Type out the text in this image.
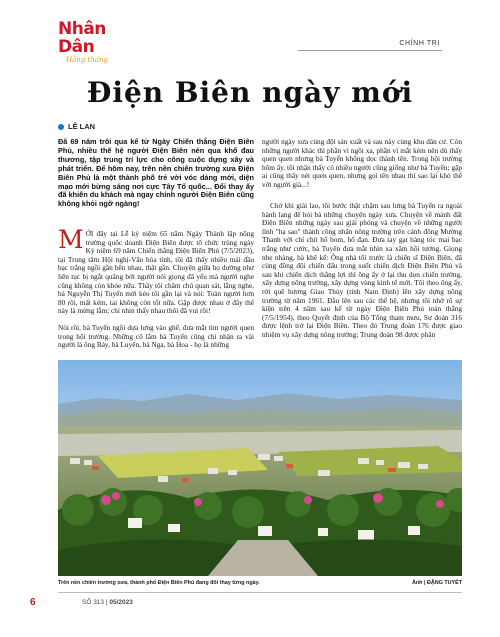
Nhân Dân
Hằng tháng
CHÍNH TRỊ
Điện Biên ngày mới
LÊ LAN

Đã 69 năm trôi qua kể từ Ngày Chiến thắng Điện Biên Phủ, nhiều thế hệ người Điện Biên nén qua khổ đau thương, tập trung trí lực cho công cuộc dựng xây và phát triển. Để hôm nay, trên nền chiến trường xưa Điện Biên Phủ là một thành phố trẻ với vóc dáng mới, diện mạo mới bừng sáng nơi cực Tây Tổ quốc... Đổi thay ấy đã khiến du khách mà ngay chính người Điện Biên cũng không khỏi ngỡ ngàng!

MỚI đây tại Lễ kỷ niệm 65 năm Ngày Thành lập nông trường quốc doanh Điện Biên được tổ chức trùng ngày Kỷ niệm 69 năm Chiến thắng Điện Biên Phủ (7/5/2023), tại Trung tâm Hội nghị-Văn hóa tỉnh, tôi đã thấy nhiều mái đầu bạc trắng ngồi gần bên nhau, thật gần. Chuyện giữa họ dường như liên tục bị ngắt quãng bởi người nói giọng đã yếu mà người nghe cũng không còn khỏe nữa. Thầy tôi chăm chú quan sát, lắng nghe, bà Nguyễn Thị Tuyến mới kéo tôi gần lại và nói: Toàn người hơn 80 rồi, mất kém, tai không còn tốt nữa. Gặp được nhau ở đây thế này là mừng lắm; chỉ nhìn thấy nhau thôi đã vui rồi!

Nói rồi, bà Tuyến ngồi dựa lưng vào ghế, đưa mắt tìm người quen trong hội trường. Những cô lắm bà Tuyến cũng chỉ nhận ra vài người là ông Bảy, bà Luyến, bà Nga, bà Hoa - họ là những

người ngày xưa cùng đội sản xuất và sau này cùng khu dân cư. Còn những người khác thì phần vì ngồi xa, phần vì mắt kém nên dù thấy quen quen nhưng bà Tuyến không dọc thành tên. Trong hội trường hôm ấy, tôi nhận thấy có nhiều người cũng giống như bà Tuyến; gặp ai cũng thấy nét quen quen, nhưng gọi tên nhau thì sao lại khó thế với người già...!

Chờ khi giải lao, tôi bước thật chậm sau lưng bà Tuyến ra ngoài hành lang để hỏi bà những chuyện ngày xưa. Chuyện về mảnh đất Điện Biên những ngày sau giải phóng và chuyện về những người lính "hạ sao" thành công nhân nông trường trên cánh đồng Mường Thanh với chỉ chít hố bom, hố đạn. Đưa tay gạt hàng tóc mai bạc trắng như cước, bà Tuyến đưa mắt nhìn xa xăm hồi tưởng. Giọng nhẹ nhàng, bà khẽ kể: Ông nhà tôi trước là chiến sĩ Điện Biên, đã cùng đồng đội chiến đấu trong suốt chiến dịch Điện Biên Phủ và sau khi chiến dịch thắng lợi thì ông ấy ở lại thu dọn chiến trường, xây dựng nông trường, xây dựng vùng kinh tế mới. Tôi theo ông ấy, rời quê hương Giao Thủy (tỉnh Nam Định) lên xây dựng nông trường từ năm 1961. Đầu lên sau các thế hệ, nhưng tôi nhớ rõ sự kiện trên 4 năm sau kể từ ngày Điện Biên Phủ toàn thắng (7/5/1954), theo Quyết định của Bộ Tổng tham mưu, Sư đoàn 316 được lệnh trở lại Điện Biên. Theo đó Trung đoàn 176 được giao nhiệm vụ xây dựng nông trường; Trung đoàn 98 được phân

Trên nền chiến trường xưa, thành phố Điện Biên Phủ đang đổi thay từng ngày.	Ảnh | ĐẶNG TUYẾT
6	SỐ 313 | 05/2023
